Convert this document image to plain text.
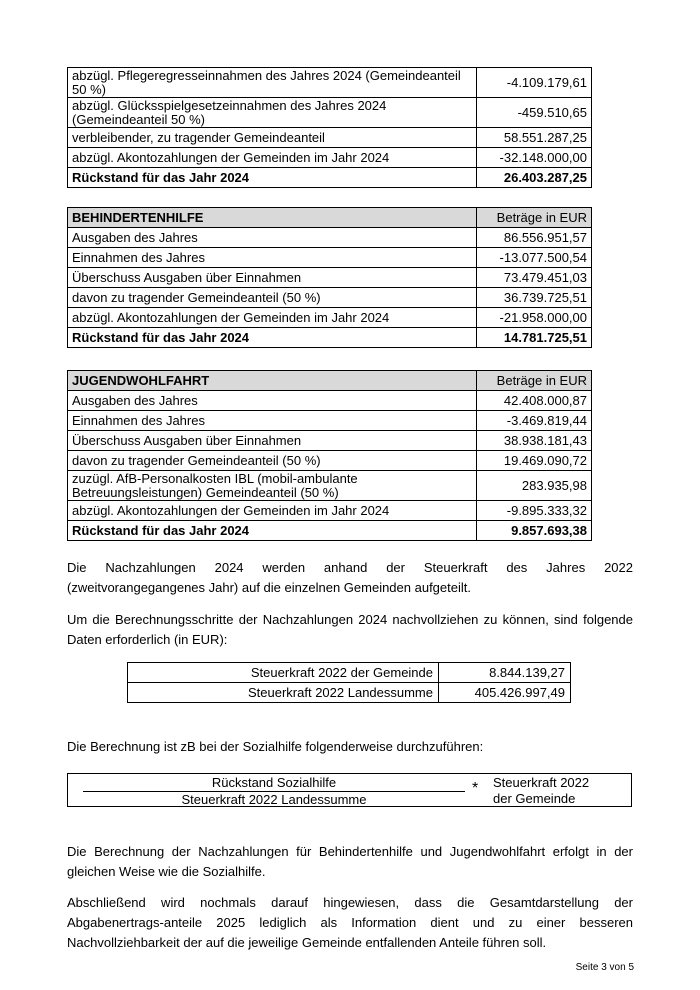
abzügl. Pflegeregresseinnahmen des Jahres 2024 (Gemeindeanteil 50 %)	-4.109.179,61
abzügl. Glücksspielgesetzeinnahmen des Jahres 2024 (Gemeindeanteil 50 %)	-459.510,65
verbleibender, zu tragender Gemeindeanteil	58.551.287,25
abzügl. Akontozahlungen der Gemeinden im Jahr 2024	-32.148.000,00
Rückstand für das Jahr 2024	26.403.287,25
BEHINDERTENHILFE	Beträge in EUR
Ausgaben des Jahres	86.556.951,57
Einnahmen des Jahres	-13.077.500,54
Überschuss Ausgaben über Einnahmen	73.479.451,03
davon zu tragender Gemeindeanteil (50 %)	36.739.725,51
abzügl. Akontozahlungen der Gemeinden im Jahr 2024	-21.958.000,00
Rückstand für das Jahr 2024	14.781.725,51
JUGENDWOHLFAHRT	Beträge in EUR
Ausgaben des Jahres	42.408.000,87
Einnahmen des Jahres	-3.469.819,44
Überschuss Ausgaben über Einnahmen	38.938.181,43
davon zu tragender Gemeindeanteil (50 %)	19.469.090,72
zuzügl. AfB-Personalkosten IBL (mobil-ambulante Betreuungsleistungen) Gemeindeanteil (50 %)	283.935,98
abzügl. Akontozahlungen der Gemeinden im Jahr 2024	-9.895.333,32
Rückstand für das Jahr 2024	9.857.693,38

Die Nachzahlungen 2024 werden anhand der Steuerkraft des Jahres 2022 (zweitvorangegangenes Jahr) auf die einzelnen Gemeinden aufgeteilt.

Um die Berechnungsschritte der Nachzahlungen 2024 nachvollziehen zu können, sind folgende Daten erforderlich (in EUR):

Steuerkraft 2022 der Gemeinde	8.844.139,27
Steuerkraft 2022 Landessumme	405.426.997,49

Die Berechnung ist zB bei der Sozialhilfe folgenderweise durchzuführen:

Rückstand Sozialhilfe
Steuerkraft 2022 Landessumme
* Steuerkraft 2022
der Gemeinde

Die Berechnung der Nachzahlungen für Behindertenhilfe und Jugendwohlfahrt erfolgt in der gleichen Weise wie die Sozialhilfe.

Abschließend wird nochmals darauf hingewiesen, dass die Gesamtdarstellung der Abgabenertrags-anteile 2025 lediglich als Information dient und zu einer besseren Nachvollziehbarkeit der auf die jeweilige Gemeinde entfallenden Anteile führen soll.

Seite 3 von 5
